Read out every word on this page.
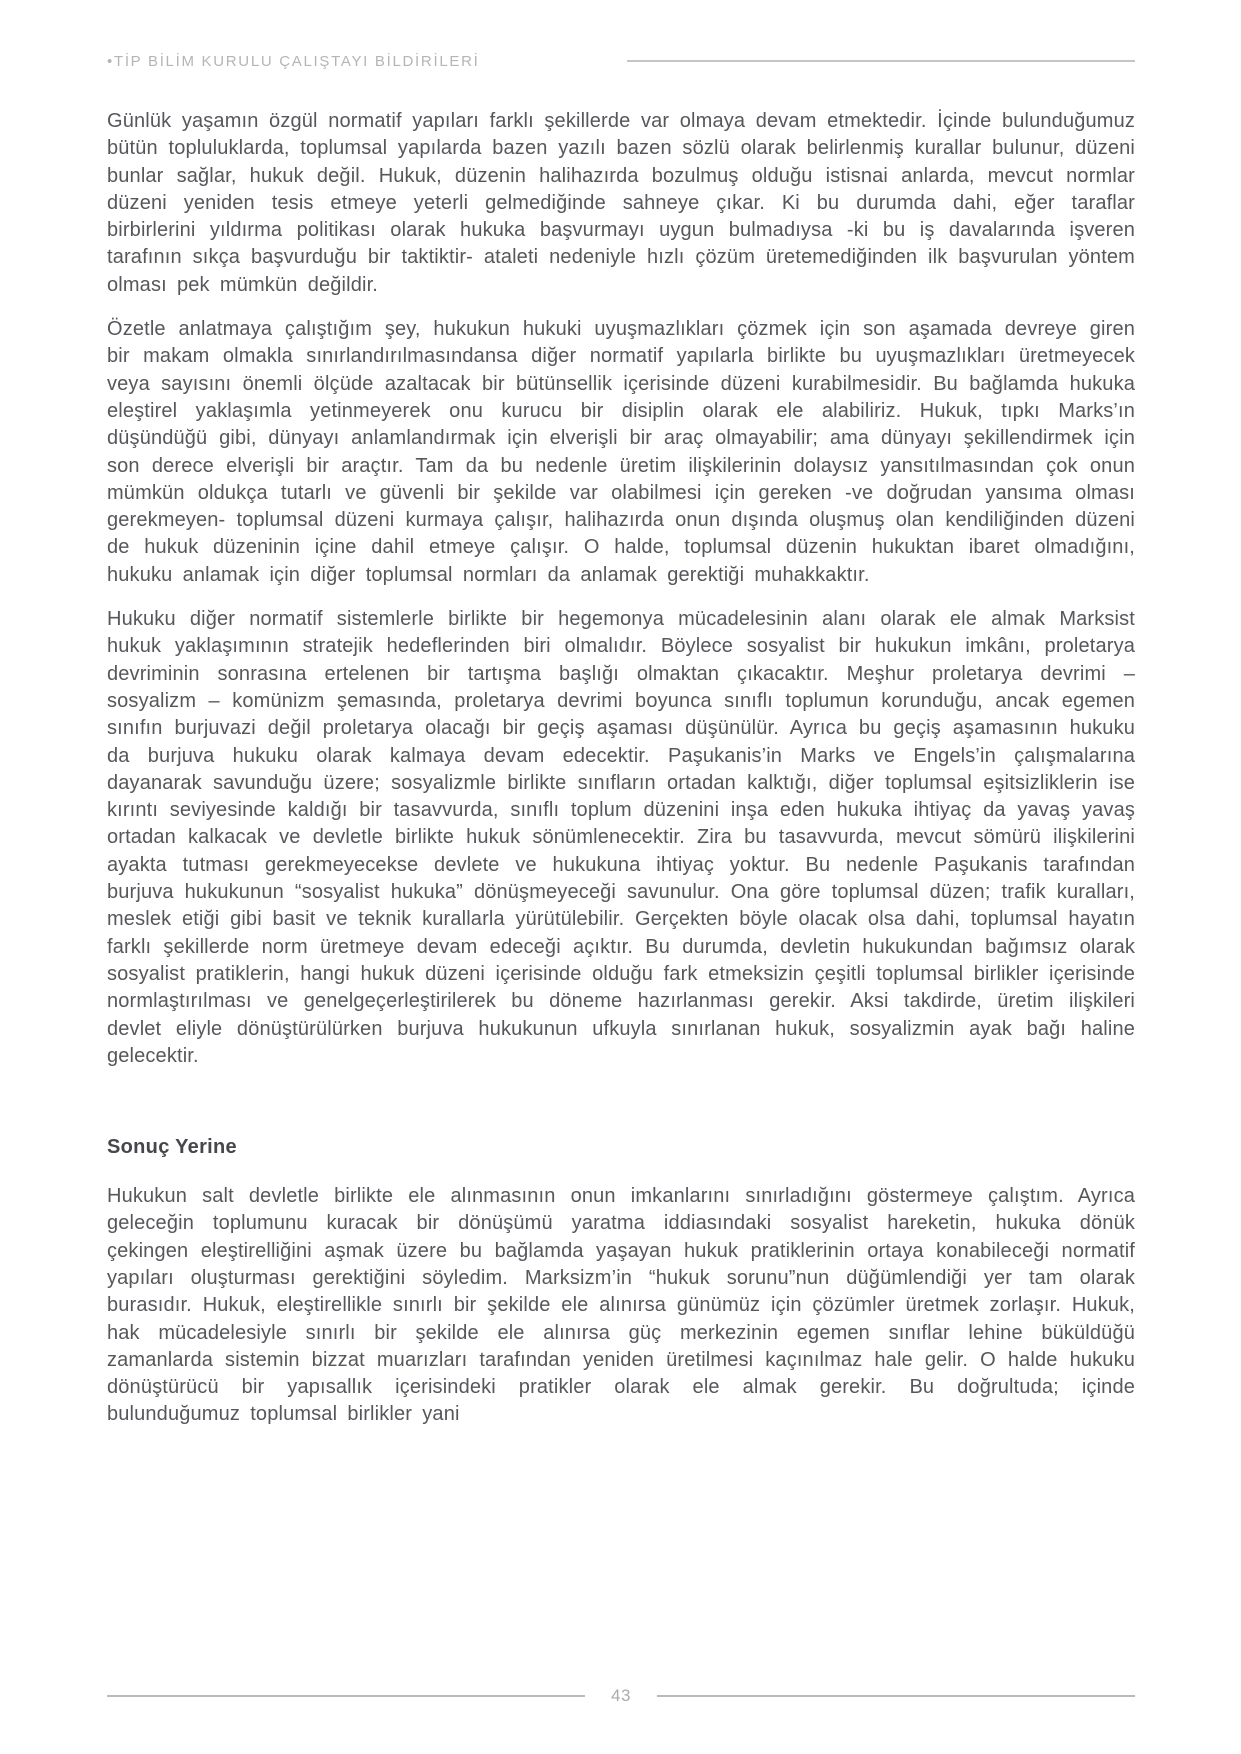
•TİP BİLİM KURULU ÇALIŞTAYI BİLDİRİLERİ

Günlük yaşamın özgül normatif yapıları farklı şekillerde var olmaya devam etmektedir. İçinde bulunduğumuz bütün topluluklarda, toplumsal yapılarda bazen yazılı bazen sözlü olarak belirlenmiş kurallar bulunur, düzeni bunlar sağlar, hukuk değil. Hukuk, düzenin halihazırda bozulmuş olduğu istisnai anlarda, mevcut normlar düzeni yeniden tesis etmeye yeterli gelmediğinde sahneye çıkar. Ki bu durumda dahi, eğer taraflar birbirlerini yıldırma politikası olarak hukuka başvurmayı uygun bulmadıysa -ki bu iş davalarında işveren tarafının sıkça başvurduğu bir taktiktir- ataleti nedeniyle hızlı çözüm üretemediğinden ilk başvurulan yöntem olması pek mümkün değildir.

Özetle anlatmaya çalıştığım şey, hukukun hukuki uyuşmazlıkları çözmek için son aşamada devreye giren bir makam olmakla sınırlandırılmasındansa diğer normatif yapılarla birlikte bu uyuşmazlıkları üretmeyecek veya sayısını önemli ölçüde azaltacak bir bütünsellik içerisinde düzeni kurabilmesidir. Bu bağlamda hukuka eleştirel yaklaşımla yetinmeyerek onu kurucu bir disiplin olarak ele alabiliriz. Hukuk, tıpkı Marks’ın düşündüğü gibi, dünyayı anlamlandırmak için elverişli bir araç olmayabilir; ama dünyayı şekillendirmek için son derece elverişli bir araçtır. Tam da bu nedenle üretim ilişkilerinin dolaysız yansıtılmasından çok onun mümkün oldukça tutarlı ve güvenli bir şekilde var olabilmesi için gereken -ve doğrudan yansıma olması gerekmeyen- toplumsal düzeni kurmaya çalışır, halihazırda onun dışında oluşmuş olan kendiliğinden düzeni de hukuk düzeninin içine dahil etmeye çalışır. O halde, toplumsal düzenin hukuktan ibaret olmadığını, hukuku anlamak için diğer toplumsal normları da anlamak gerektiği muhakkaktır.

Hukuku diğer normatif sistemlerle birlikte bir hegemonya mücadelesinin alanı olarak ele almak Marksist hukuk yaklaşımının stratejik hedeflerinden biri olmalıdır. Böylece sosyalist bir hukukun imkânı, proletarya devriminin sonrasına ertelenen bir tartışma başlığı olmaktan çıkacaktır. Meşhur proletarya devrimi – sosyalizm – komünizm şemasında, proletarya devrimi boyunca sınıflı toplumun korunduğu, ancak egemen sınıfın burjuvazi değil proletarya olacağı bir geçiş aşaması düşünülür. Ayrıca bu geçiş aşamasının hukuku da burjuva hukuku olarak kalmaya devam edecektir. Paşukanis’in Marks ve Engels’in çalışmalarına dayanarak savunduğu üzere; sosyalizmle birlikte sınıfların ortadan kalktığı, diğer toplumsal eşitsizliklerin ise kırıntı seviyesinde kaldığı bir tasavvurda, sınıflı toplum düzenini inşa eden hukuka ihtiyaç da yavaş yavaş ortadan kalkacak ve devletle birlikte hukuk sönümlenecektir. Zira bu tasavvurda, mevcut sömürü ilişkilerini ayakta tutması gerekmeyecekse devlete ve hukukuna ihtiyaç yoktur. Bu nedenle Paşukanis tarafından burjuva hukukunun “sosyalist hukuka” dönüşmeyeceği savunulur. Ona göre toplumsal düzen; trafik kuralları, meslek etiği gibi basit ve teknik kurallarla yürütülebilir. Gerçekten böyle olacak olsa dahi, toplumsal hayatın farklı şekillerde norm üretmeye devam edeceği açıktır. Bu durumda, devletin hukukundan bağımsız olarak sosyalist pratiklerin, hangi hukuk düzeni içerisinde olduğu fark etmeksizin çeşitli toplumsal birlikler içerisinde normlaştırılması ve genelgeçerleştirilerek bu döneme hazırlanması gerekir. Aksi takdirde, üretim ilişkileri devlet eliyle dönüştürülürken burjuva hukukunun ufkuyla sınırlanan hukuk, sosyalizmin ayak bağı haline gelecektir.

Sonuç Yerine

Hukukun salt devletle birlikte ele alınmasının onun imkanlarını sınırladığını göstermeye çalıştım. Ayrıca geleceğin toplumunu kuracak bir dönüşümü yaratma iddiasındaki sosyalist hareketin, hukuka dönük çekingen eleştirelliğini aşmak üzere bu bağlamda yaşayan hukuk pratiklerinin ortaya konabileceği normatif yapıları oluşturması gerektiğini söyledim. Marksizm’in “hukuk sorunu”nun düğümlendiği yer tam olarak burasıdır. Hukuk, eleştirellikle sınırlı bir şekilde ele alınırsa günümüz için çözümler üretmek zorlaşır. Hukuk, hak mücadelesiyle sınırlı bir şekilde ele alınırsa güç merkezinin egemen sınıflar lehine büküldüğü zamanlarda sistemin bizzat muarızları tarafından yeniden üretilmesi kaçınılmaz hale gelir. O halde hukuku dönüştürücü bir yapısallık içerisindeki pratikler olarak ele almak gerekir. Bu doğrultuda; içinde bulunduğumuz toplumsal birlikler yani

43
